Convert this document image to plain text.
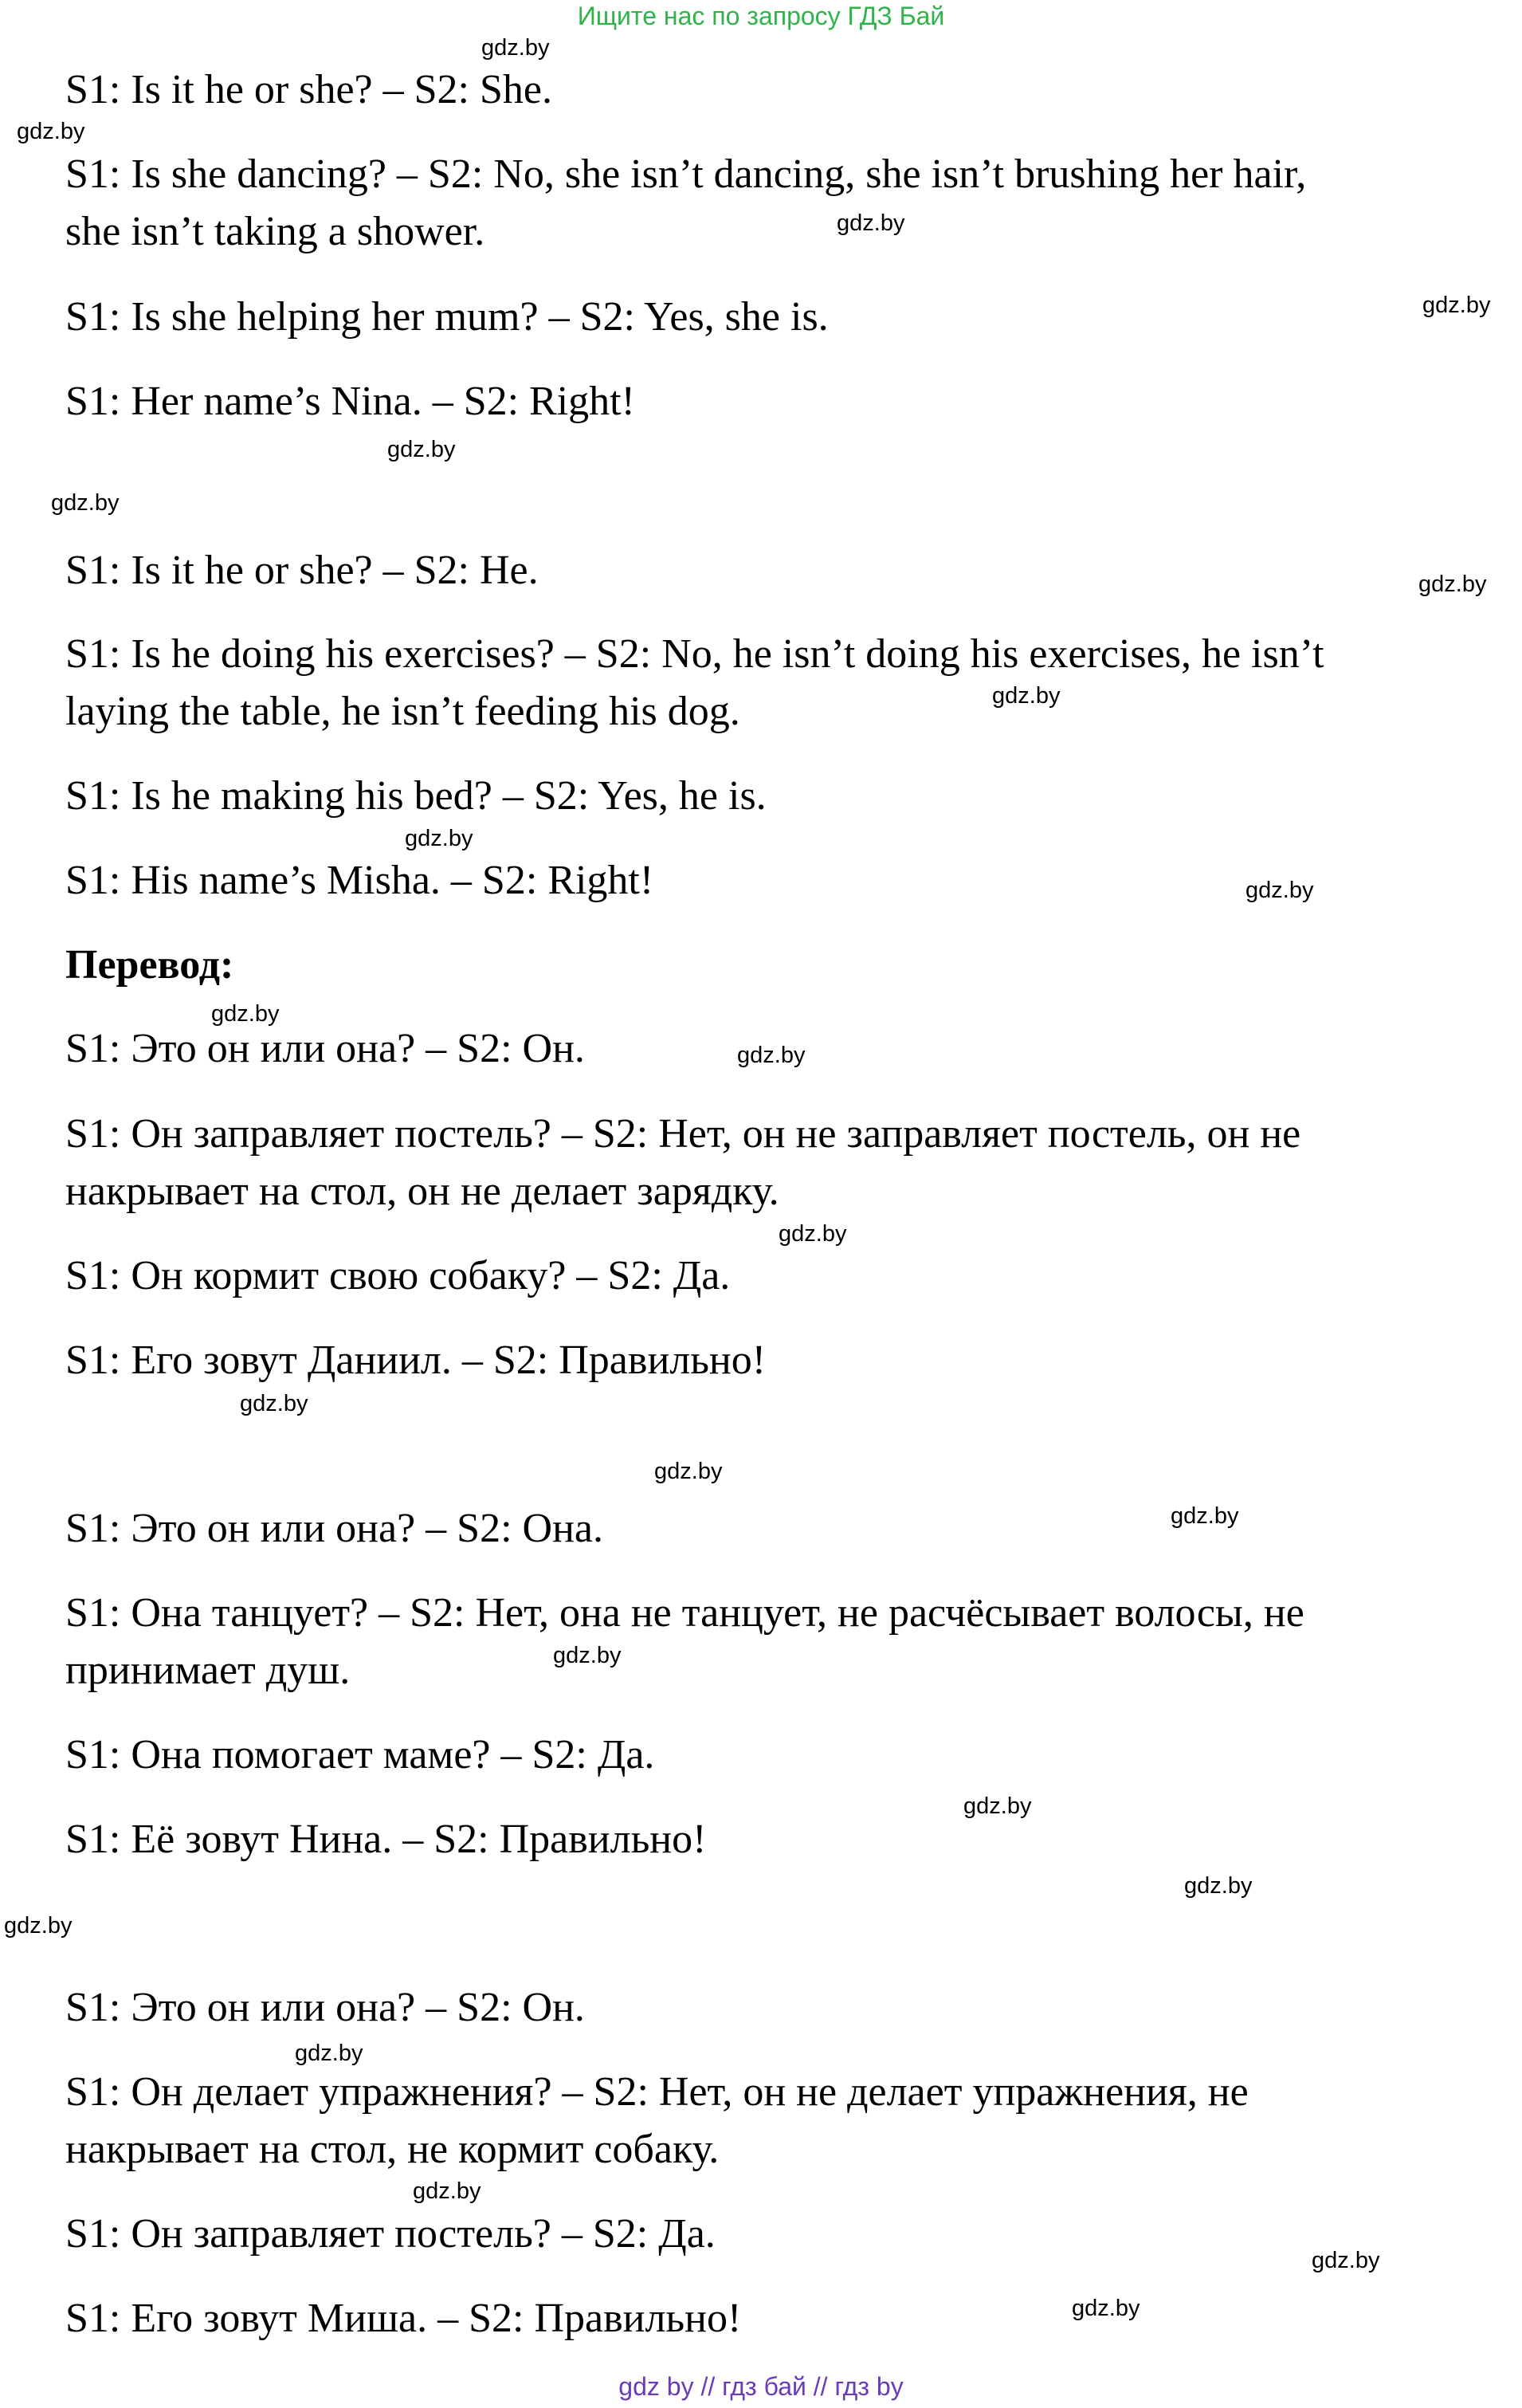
Ищите нас по запросу ГДЗ Бай
S1: Is it he or she? – S2: She.
S1: Is she dancing? – S2: No, she isn’t dancing, she isn’t brushing her hair,
she isn’t taking a shower.
S1: Is she helping her mum? – S2: Yes, she is.
S1: Her name’s Nina. – S2: Right!
S1: Is it he or she? – S2: He.
S1: Is he doing his exercises? – S2: No, he isn’t doing his exercises, he isn’t
laying the table, he isn’t feeding his dog.
S1: Is he making his bed? – S2: Yes, he is.
S1: His name’s Misha. – S2: Right!
Перевод:
S1: Это он или она? – S2: Он.
S1: Он заправляет постель? – S2: Нет, он не заправляет постель, он не
накрывает на стол, он не делает зарядку.
S1: Он кормит свою собаку? – S2: Да.
S1: Его зовут Даниил. – S2: Правильно!
S1: Это он или она? – S2: Она.
S1: Она танцует? – S2: Нет, она не танцует, не расчёсывает волосы, не
принимает душ.
S1: Она помогает маме? – S2: Да.
S1: Её зовут Нина. – S2: Правильно!
S1: Это он или она? – S2: Он.
S1: Он делает упражнения? – S2: Нет, он не делает упражнения, не
накрывает на стол, не кормит собаку.
S1: Он заправляет постель? – S2: Да.
S1: Его зовут Миша. – S2: Правильно!
gdz.by
gdz.by
gdz.by
gdz.by
gdz.by
gdz.by
gdz.by
gdz.by
gdz.by
gdz.by
gdz.by
gdz.by
gdz.by
gdz.by
gdz.by
gdz.by
gdz.by
gdz.by
gdz.by
gdz.by
gdz.by
gdz.by
gdz.by
gdz.by
gdz by // гдз бай // гдз by
